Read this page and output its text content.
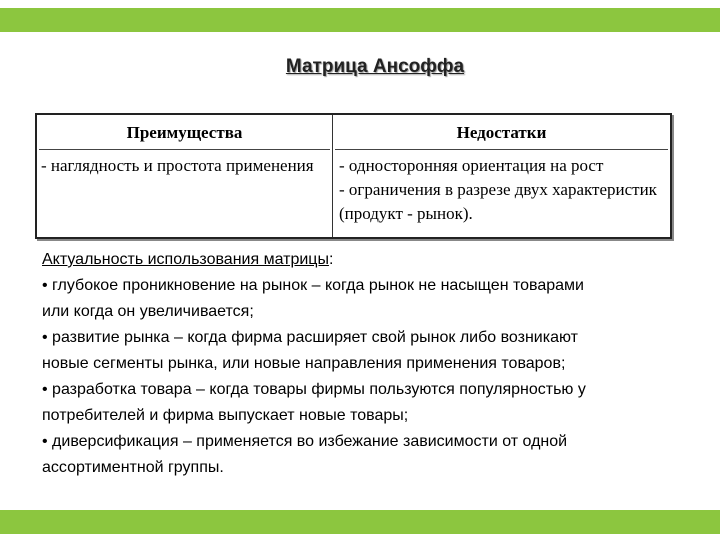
Матрица Ансоффа
Преимущества

- наглядность и простота применения

Недостатки

- односторонняя ориентация на рост

- ограничения в разрезе двух характеристик (продукт - рынок).

Актуальность использования матрицы:

• глубокое проникновение на рынок – когда рынок не насыщен товарами

или когда он увеличивается;

• развитие рынка – когда фирма расширяет свой рынок либо возникают

новые сегменты рынка, или новые направления применения товаров;

• разработка товара – когда товары фирмы пользуются популярностью у

потребителей и фирма выпускает новые товары;

• диверсификация – применяется во избежание зависимости от одной

ассортиментной группы.
